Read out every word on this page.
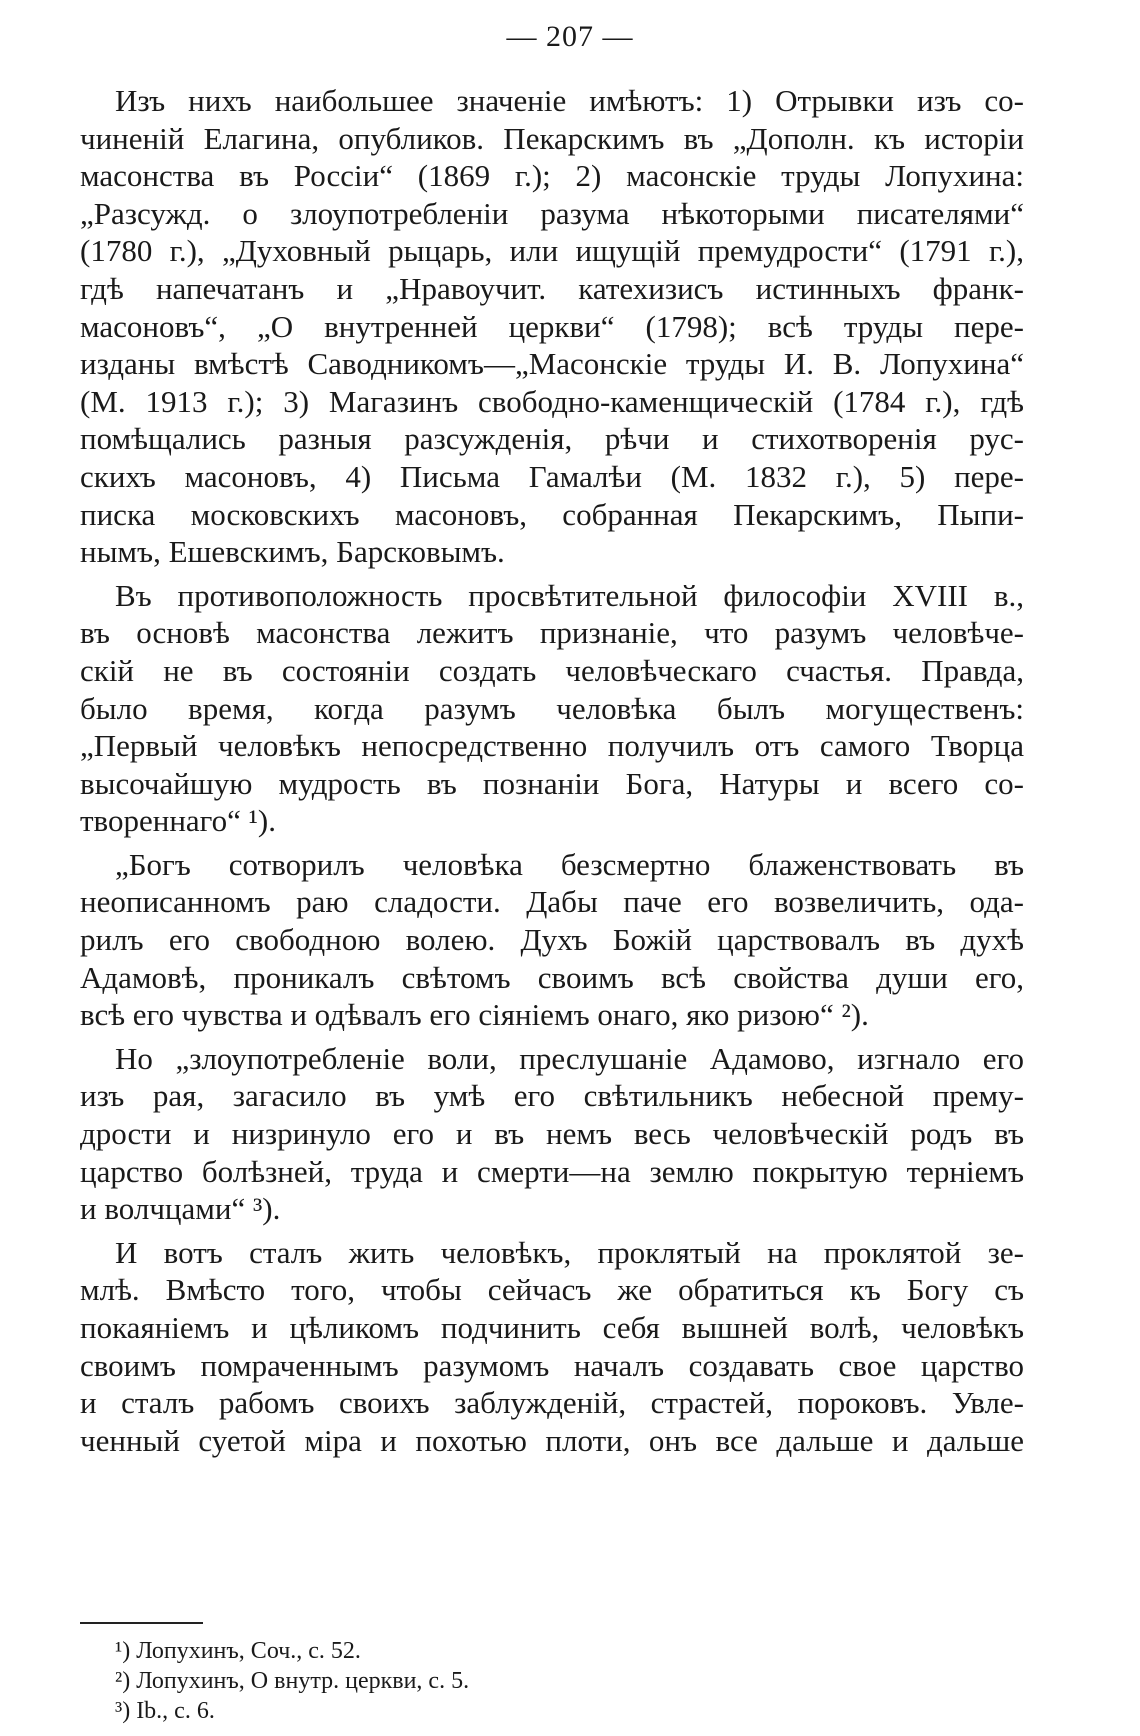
— 207 —
Изъ нихъ наибольшее значеніе имѣютъ: 1) Отрывки изъ со-
чиненій Елагина, опубликов. Пекарскимъ въ „Дополн. къ исторіи
масонства въ Россіи“ (1869 г.); 2) масонскіе труды Лопухина:
„Разсужд. о злоупотребленіи разума нѣкоторыми писателями“
(1780 г.), „Духовный рыцарь, или ищущій премудрости“ (1791 г.),
гдѣ напечатанъ и „Нравоучит. катехизисъ истинныхъ франк-
масоновъ“, „О внутренней церкви“ (1798); всѣ труды пере-
изданы вмѣстѣ Саводникомъ—„Масонскіе труды И. В. Лопухина“
(М. 1913 г.); 3) Магазинъ свободно-каменщическій (1784 г.), гдѣ
помѣщались разныя разсужденія, рѣчи и стихотворенія рус-
скихъ масоновъ, 4) Письма Гамалѣи (М. 1832 г.), 5) пере-
писка московскихъ масоновъ, собранная Пекарскимъ, Пыпи-
нымъ, Ешевскимъ, Барсковымъ.
Въ противоположность просвѣтительной философіи XVIII в.,
въ основѣ масонства лежитъ признаніе, что разумъ человѣче-
скій не въ состояніи создать человѣческаго счастья. Правда,
было время, когда разумъ человѣка былъ могущественъ:
„Первый человѣкъ непосредственно получилъ отъ самого Творца
высочайшую мудрость въ познаніи Бога, Натуры и всего со-
твореннаго“ ¹).
„Богъ сотворилъ человѣка безсмертно блаженствовать въ
неописанномъ раю сладости. Дабы паче его возвеличить, ода-
рилъ его свободною волею. Духъ Божій царствовалъ въ духѣ
Адамовѣ, проникалъ свѣтомъ своимъ всѣ свойства души его,
всѣ его чувства и одѣвалъ его сіяніемъ онаго, яко ризою“ ²).
Но „злоупотребленіе воли, преслушаніе Адамово, изгнало его
изъ рая, загасило въ умѣ его свѣтильникъ небесной прему-
дрости и низринуло его и въ немъ весь человѣческій родъ въ
царство болѣзней, труда и смерти—на землю покрытую терніемъ
и волчцами“ ³).
И вотъ сталъ жить человѣкъ, проклятый на проклятой зе-
млѣ. Вмѣсто того, чтобы сейчасъ же обратиться къ Богу съ
покаяніемъ и цѣликомъ подчинить себя вышней волѣ, человѣкъ
своимъ помраченнымъ разумомъ началъ создавать свое царство
и сталъ рабомъ своихъ заблужденій, страстей, пороковъ. Увле-
ченный суетой міра и похотью плоти, онъ все дальше и дальше
¹) Лопухинъ, Соч., с. 52.
²) Лопухинъ, О внутр. церкви, с. 5.
³) Ib., с. 6.
